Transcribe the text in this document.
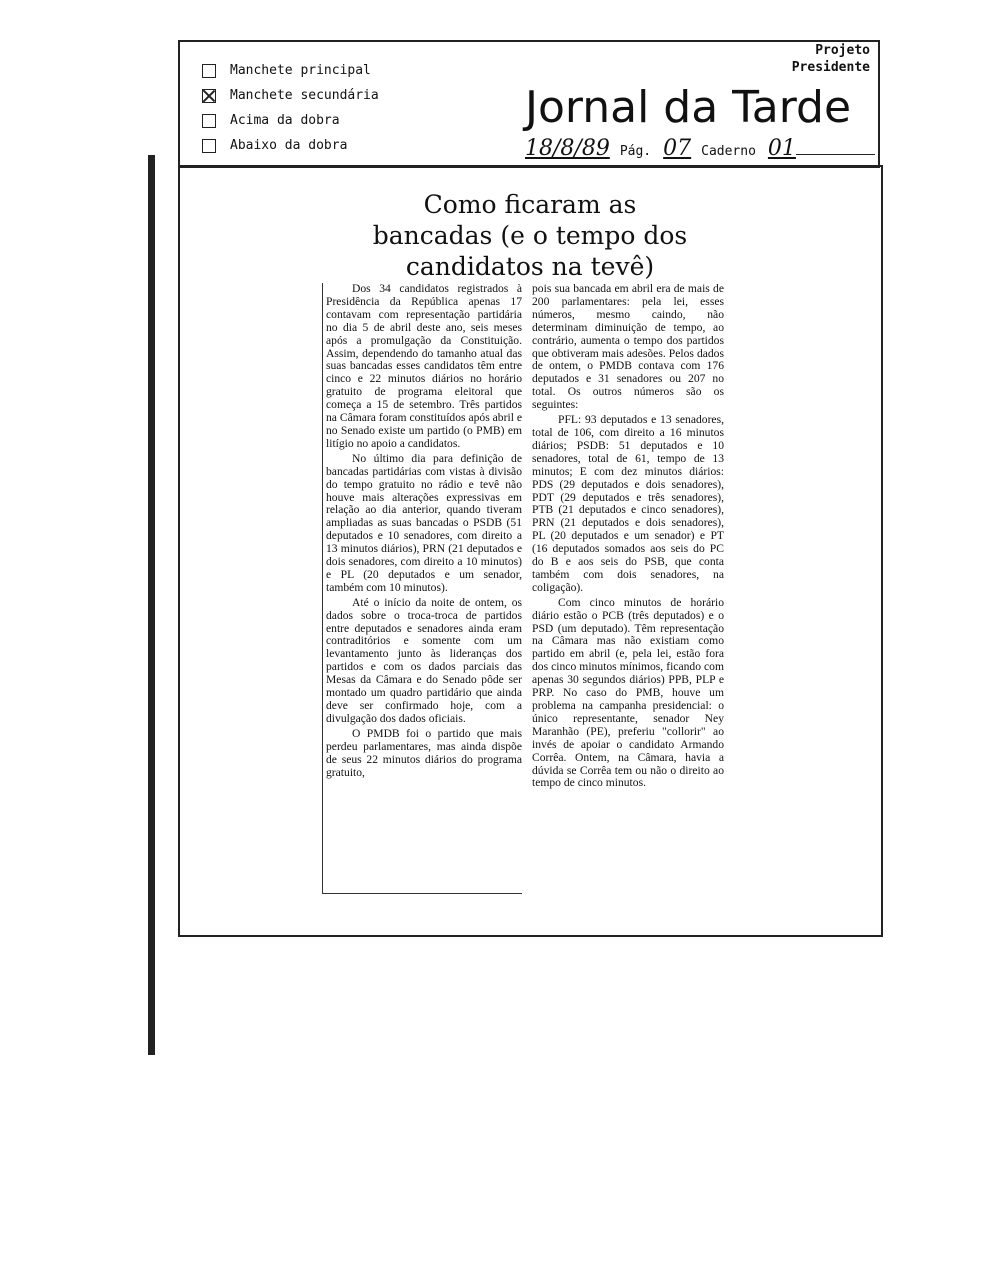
Projeto
Presidente
Manchete principal
Manchete secundária
Acima da dobra
Abaixo da dobra
Jornal da Tarde
18/8/89 Pág. 07 Caderno 01
Como ficaram as
bancadas (e o tempo dos
candidatos na tevê)

Dos 34 candidatos registrados à Presidência da República apenas 17 contavam com representação partidária no dia 5 de abril deste ano, seis meses após a promulgação da Constituição. Assim, dependendo do tamanho atual das suas bancadas esses candidatos têm entre cinco e 22 minutos diários no horário gratuito de programa eleitoral que começa a 15 de setembro. Três partidos na Câmara foram constituídos após abril e no Senado existe um partido (o PMB) em litígio no apoio a candidatos.

No último dia para definição de bancadas partidárias com vistas à divisão do tempo gratuito no rádio e tevê não houve mais alterações expressivas em relação ao dia anterior, quando tiveram ampliadas as suas bancadas o PSDB (51 deputados e 10 senadores, com direito a 13 minutos diários), PRN (21 deputados e dois senadores, com direito a 10 minutos) e PL (20 deputados e um senador, também com 10 minutos).

Até o início da noite de ontem, os dados sobre o troca-troca de partidos entre deputados e senadores ainda eram contraditórios e somente com um levantamento junto às lideranças dos partidos e com os dados parciais das Mesas da Câmara e do Senado pôde ser montado um quadro partidário que ainda deve ser confirmado hoje, com a divulgação dos dados oficiais.

O PMDB foi o partido que mais perdeu parlamentares, mas ainda dispõe de seus 22 minutos diários do programa gratuito,

pois sua bancada em abril era de mais de 200 parlamentares: pela lei, esses números, mesmo caindo, não determinam diminuição de tempo, ao contrário, aumenta o tempo dos partidos que obtiveram mais adesões. Pelos dados de ontem, o PMDB contava com 176 deputados e 31 senadores ou 207 no total. Os outros números são os seguintes:

PFL: 93 deputados e 13 senadores, total de 106, com direito a 16 minutos diários; PSDB: 51 deputados e 10 senadores, total de 61, tempo de 13 minutos; E com dez minutos diários: PDS (29 deputados e dois senadores), PDT (29 deputados e três senadores), PTB (21 deputados e cinco senadores), PRN (21 deputados e dois senadores), PL (20 deputados e um senador) e PT (16 deputados somados aos seis do PC do B e aos seis do PSB, que conta também com dois senadores, na coligação).

Com cinco minutos de horário diário estão o PCB (três deputados) e o PSD (um deputado). Têm representação na Câmara mas não existiam como partido em abril (e, pela lei, estão fora dos cinco minutos mínimos, ficando com apenas 30 segundos diários) PPB, PLP e PRP. No caso do PMB, houve um problema na campanha presidencial: o único representante, senador Ney Maranhão (PE), preferiu "collorir" ao invés de apoiar o candidato Armando Corrêa. Ontem, na Câmara, havia a dúvida se Corrêa tem ou não o direito ao tempo de cinco minutos.
